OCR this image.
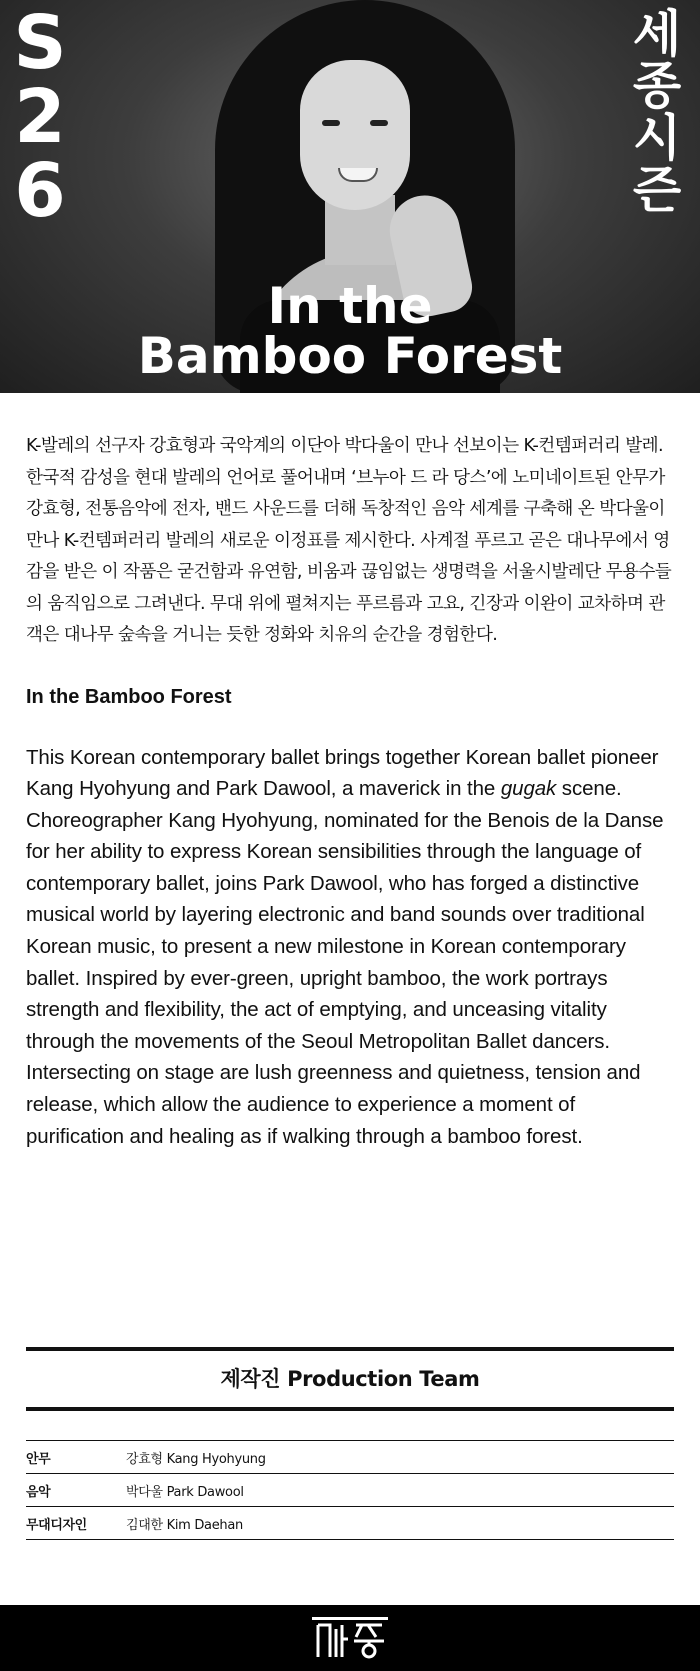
S
2
6
세
종
시
즌
In the
Bamboo Forest

K-발레의 선구자 강효형과 국악계의 이단아 박다울이 만나 선보이는 K-컨템퍼러리 발레. 한국적 감성을 현대 발레의 언어로 풀어내며 ‘브누아 드 라 당스’에 노미네이트된 안무가 강효형, 전통음악에 전자, 밴드 사운드를 더해 독창적인 음악 세계를 구축해 온 박다울이 만나 K-컨템퍼러리 발레의 새로운 이정표를 제시한다. 사계절 푸르고 곧은 대나무에서 영감을 받은 이 작품은 굳건함과 유연함, 비움과 끊임없는 생명력을 서울시발레단 무용수들의 움직임으로 그려낸다. 무대 위에 펼쳐지는 푸르름과 고요, 긴장과 이완이 교차하며 관객은 대나무 숲속을 거니는 듯한 정화와 치유의 순간을 경험한다.

In the Bamboo Forest

This Korean contemporary ballet brings together Korean ballet pioneer Kang Hyohyung and Park Dawool, a maverick in the gugak scene. Choreographer Kang Hyohyung, nominated for the Benois de la Danse for her ability to express Korean sensibilities through the language of contemporary ballet, joins Park Dawool, who has forged a distinctive musical world by layering electronic and band sounds over traditional Korean music, to present a new milestone in Korean contemporary ballet. Inspired by ever-green, upright bamboo, the work portrays strength and flexibility, the act of emptying, and unceasing vitality through the movements of the Seoul Metropolitan Ballet dancers. Intersecting on stage are lush greenness and quietness, tension and release, which allow the audience to experience a moment of purification and healing as if walking through a bamboo forest.

제작진 Production Team
안무	강효형 Kang Hyohyung
음악	박다울 Park Dawool
무대디자인	김대한 Kim Daehan
